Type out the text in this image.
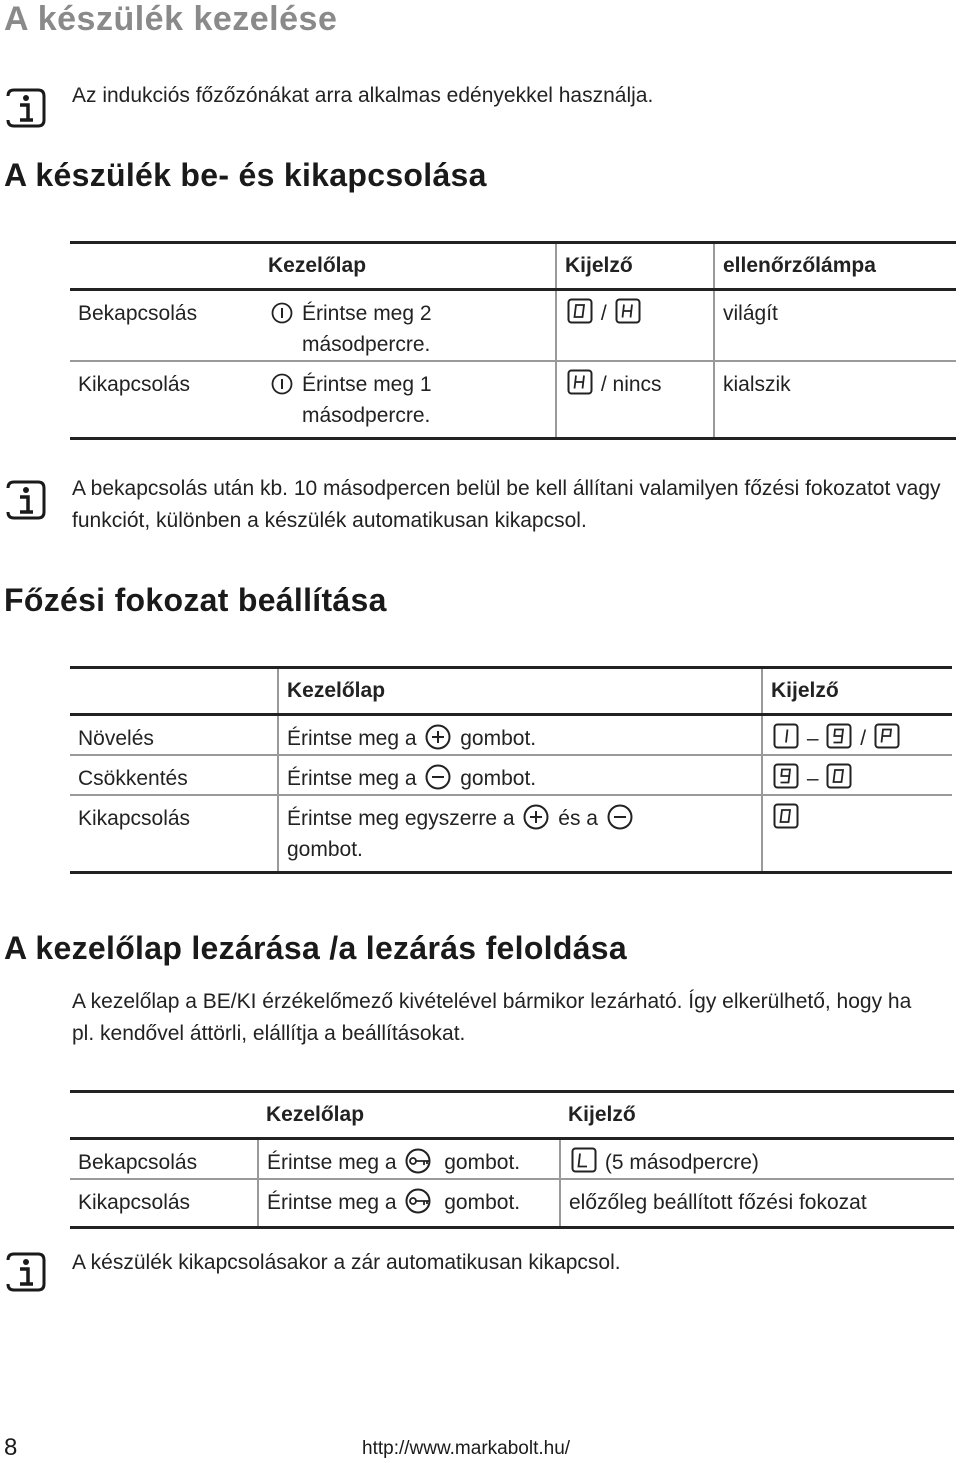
A készülék kezelése
Az indukciós főzőzónákat arra alkalmas edényekkel használja.
A készülék be- és kikapcsolása
	Kezelőlap	Kijelző	ellenőrzőlámpa
Bekapcsolás	Érintse meg 2 másodpercre.	/	világít
Kikapcsolás	Érintse meg 1 másodpercre.	/ nincs	kialszik
A bekapcsolás után kb. 10 másodpercen belül be kell állítani valamilyen főzési fokozatot vagy funkciót, különben a készülék automatikusan kikapcsol.
Főzési fokozat beállítása
	Kezelőlap	Kijelző
Növelés	Érintse meg a gombot.	– /
Csökkentés	Érintse meg a gombot.	–
Kikapcsolás	Érintse meg egyszerre a és a
gombot.	
A kezelőlap lezárása /a lezárás feloldása
A kezelőlap a BE/KI érzékelőmező kivételével bármikor lezárható. Így elkerülhető, hogy ha pl. kendővel áttörli, elállítja a beállításokat.
	Kezelőlap	Kijelző
Bekapcsolás	Érintse meg a gombot.	(5 másodpercre)
Kikapcsolás	Érintse meg a gombot.	előzőleg beállított főzési fokozat
A készülék kikapcsolásakor a zár automatikusan kikapcsol.
8	http://www.markabolt.hu/
